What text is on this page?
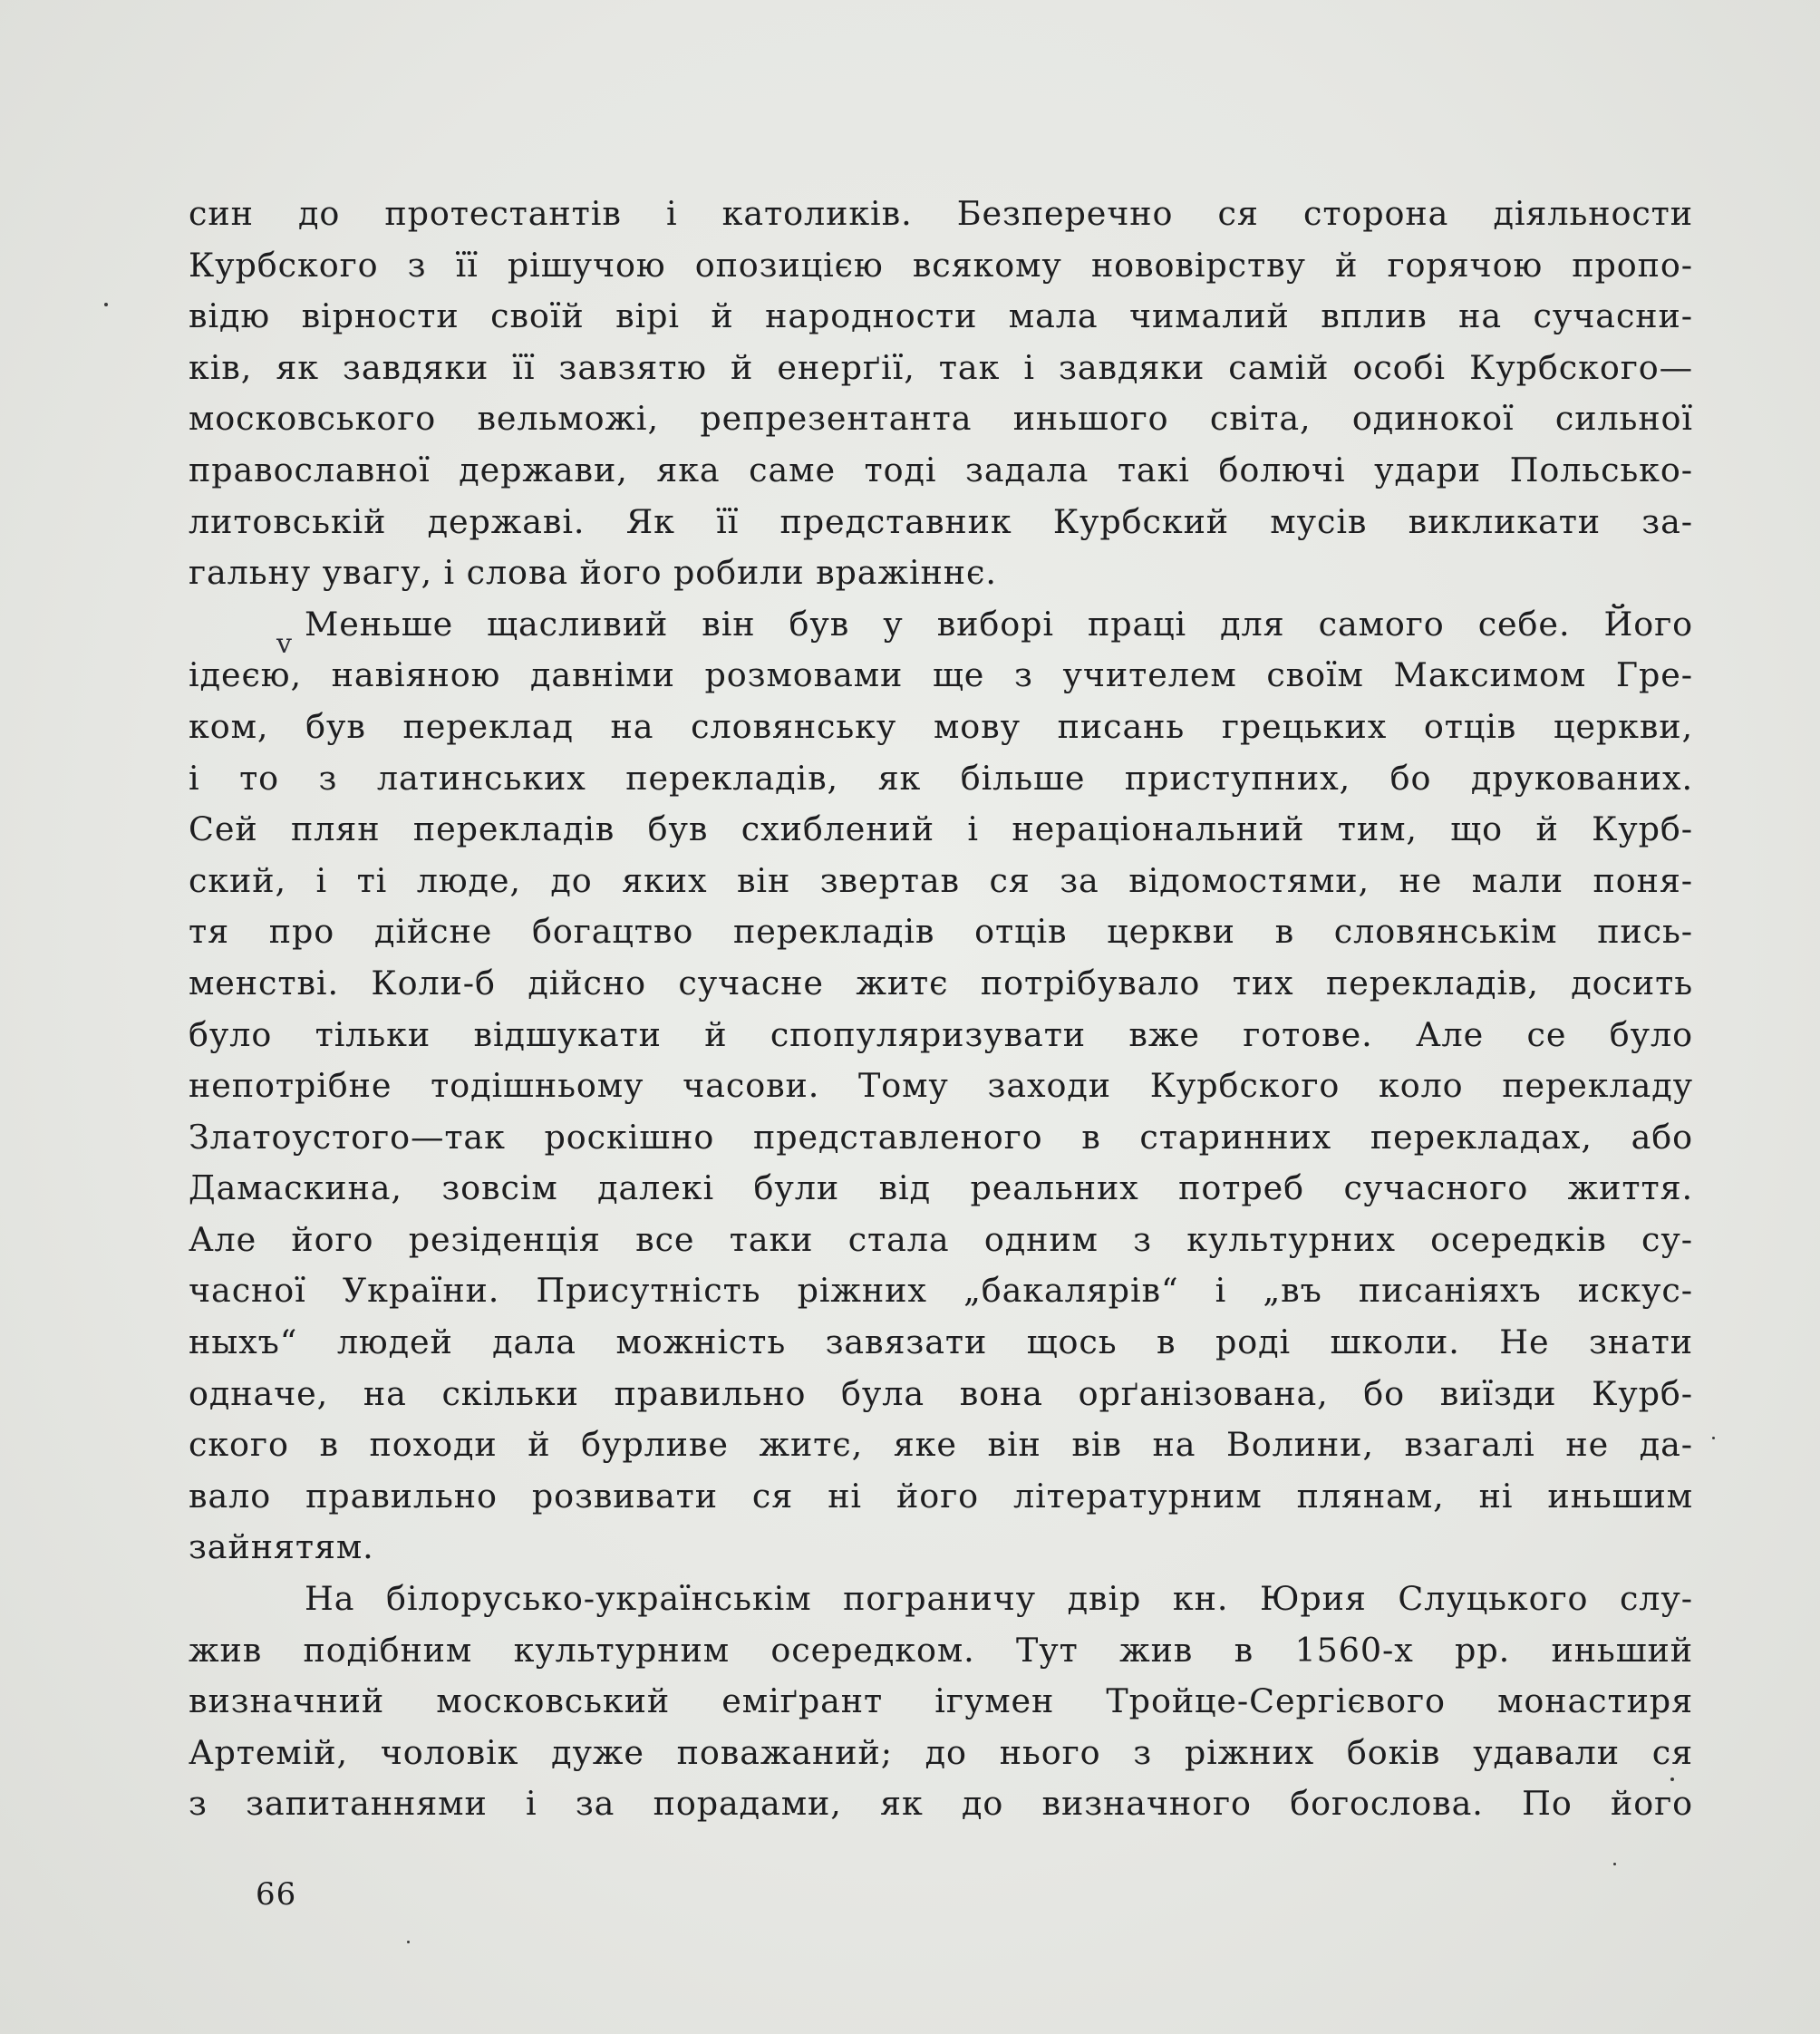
син до протестантів і католиків. Безперечно ся сторона діяльности
Курбского з її рішучою опозицією всякому нововірству й горячою пропо-
відю вірности своїй вірі й народности мала чималий вплив на сучасни-
ків, як завдяки її завзятю й енерґії, так і завдяки самій особі Курбского—
московського вельможі, репрезентанта иньшого світа, одинокої сильної
православної держави, яка саме тоді задала такі болючі удари Польсько-
литовській державі. Як її представник Курбский мусів викликати за-
гальну увагу, і слова його робили вражіннє.
Меньше щасливий він був у виборі праці для самого себе. Його
ідеєю, навіяною давніми розмовами ще з учителем своїм Максимом Гре-
ком, був переклад на словянську мову писань грецьких отців церкви,
і то з латинських перекладів, як більше приступних, бо друкованих.
Сей плян перекладів був схиблений і нераціональний тим, що й Курб-
ский, і ті люде, до яких він звертав ся за відомостями, не мали поня-
тя про дійсне богацтво перекладів отців церкви в словянськім пись-
менстві. Коли-б дійсно сучасне житє потрібувало тих перекладів, досить
було тільки відшукати й спопуляризувати вже готове. Але се було
непотрібне тодішньому часови. Тому заходи Курбского коло перекладу
Златоустого—так роскішно представленого в старинних перекладах, або
Дамаскина, зовсім далекі були від реальних потреб сучасного життя.
Але його резіденція все таки стала одним з культурних осередків су-
часної України. Присутність ріжних „бакалярів“ і „въ писаніяхъ искус-
ныхъ“ людей дала можність завязати щось в роді школи. Не знати
одначе, на скільки правильно була вона орґанізована, бо виїзди Курб-
ского в походи й бурливе житє, яке він вів на Волини, взагалі не да-
вало правильно розвивати ся ні його літературним плянам, ні иньшим
зайнятям.
На білорусько-українськім пограничу двір кн. Юрия Слуцького слу-
жив подібним культурним осередком. Тут жив в 1560-х рр. иньший
визначний московський еміґрант ігумен Тройце-Сергієвого монастиря
Артемій, чоловік дуже поважаний; до нього з ріжних боків удавали ся
з запитаннями і за порадами, як до визначного богослова. По його
v
66
